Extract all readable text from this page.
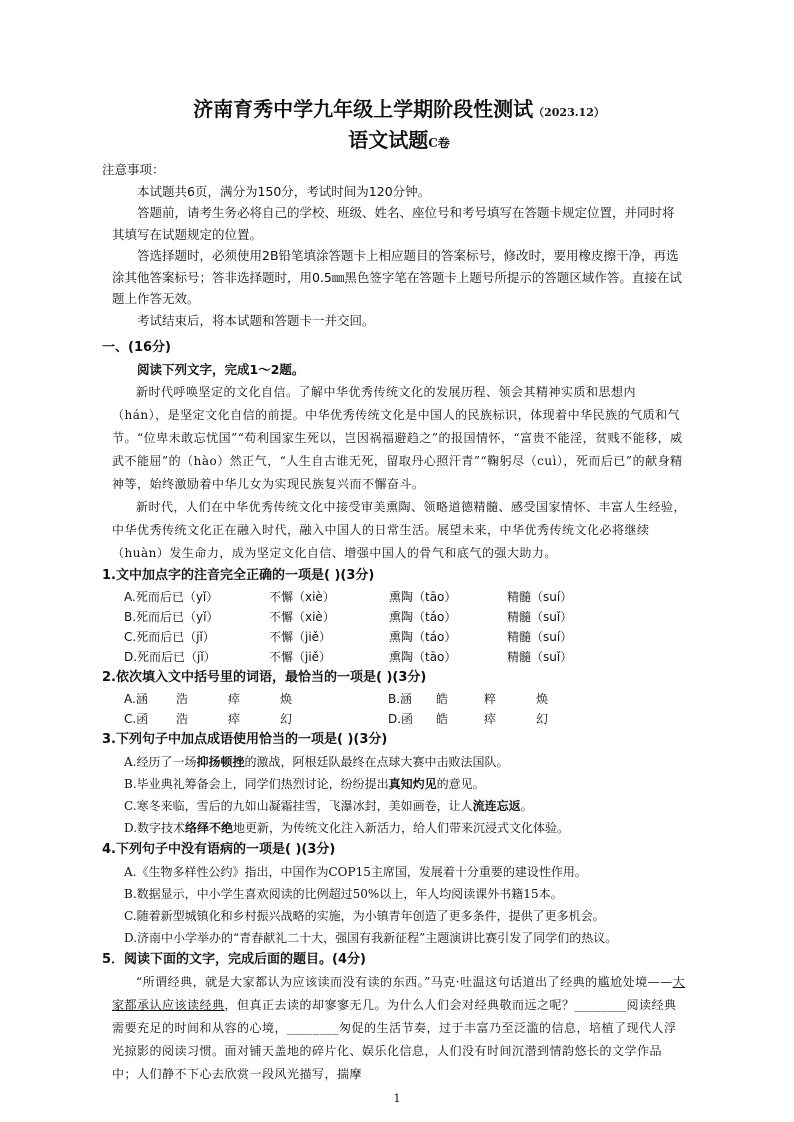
济南育秀中学九年级上学期阶段性测试（2023.12）

语文试题C卷

注意事项：

本试题共6页，满分为150分，考试时间为120分钟。

答题前，请考生务必将自己的学校、班级、姓名、座位号和考号填写在答题卡规定位置，并同时将其填写在试题规定的位置。

答选择题时，必须使用2B铅笔填涂答题卡上相应题目的答案标号，修改时，要用橡皮擦干净，再选涂其他答案标号；答非选择题时，用0.5㎜黑色签字笔在答题卡上题号所提示的答题区域作答。直接在试题上作答无效。

考试结束后，将本试题和答题卡一并交回。

一、(16分)

阅读下列文字，完成1～2题。

新时代呼唤坚定的文化自信。了解中华优秀传统文化的发展历程、领会其精神实质和思想内（hán），是坚定文化自信的前提。中华优秀传统文化是中国人的民族标识，体现着中华民族的气质和气节。“位卑未敢忘忧国”“苟利国家生死以，岂因祸福避趋之”的报国情怀，“富贵不能淫，贫贱不能移，威武不能屈”的（hào）然正气，“人生自古谁无死，留取丹心照汗青”“鞠躬尽（cuì），死而后已”的献身精神等，始终激励着中华儿女为实现民族复兴而不懈奋斗。

新时代，人们在中华优秀传统文化中接受审美熏陶、领略道德精髓、感受国家情怀、丰富人生经验，中华优秀传统文化正在融入时代，融入中国人的日常生活。展望未来，中华优秀传统文化必将继续（huàn）发生命力，成为坚定文化自信、增强中国人的骨气和底气的强大助力。

1.文中加点字的注音完全正确的一项是( )(3分)

A.死而后已（yǐ）	不懈（xiè）	熏陶（tāo）	精髓（suí）
B.死而后已（yǐ）	不懈（xiè）	熏陶（táo）	精髓（suǐ）
C.死而后已（jǐ）	不懈（jiě）	熏陶（táo）	精髓（suí）
D.死而后已（jǐ）	不懈（jiě）	熏陶（tāo）	精髓（suǐ）

2.依次填入文中括号里的词语，最恰当的一项是( )(3分)

A.涵	浩	瘁	焕	B.涵	皓	粹	焕
C.函	浩	瘁	幻	D.函	皓	瘁	幻

3.下列句子中加点成语使用恰当的一项是( )(3分)

A.经历了一场抑扬顿挫的激战，阿根廷队最终在点球大赛中击败法国队。

B.毕业典礼筹备会上，同学们热烈讨论，纷纷提出真知灼见的意见。

C.寒冬来临，雪后的九如山凝霜挂雪，飞瀑冰封，美如画卷，让人流连忘返。

D.数字技术络绎不绝地更新，为传统文化注入新活力，给人们带来沉浸式文化体验。

4.下列句子中没有语病的一项是( )(3分)

A.《生物多样性公约》指出，中国作为COP15主席国，发展着十分重要的建设性作用。

B.数据显示，中小学生喜欢阅读的比例超过50%以上，年人均阅读课外书籍15本。

C.随着新型城镇化和乡村振兴战略的实施，为小镇青年创造了更多条件，提供了更多机会。

D.济南中小学举办的“青春献礼二十大，强国有我新征程”主题演讲比赛引发了同学们的热议。

5．阅读下面的文字，完成后面的题目。(4分)

“所谓经典，就是大家都认为应该读而没有读的东西。”马克·吐温这句话道出了经典的尴尬处境——大家都承认应该读经典，但真正去读的却寥寥无几。为什么人们会对经典敬而远之呢？________阅读经典需要充足的时间和从容的心境，________匆促的生活节奏，过于丰富乃至泛滥的信息，培植了现代人浮光掠影的阅读习惯。面对铺天盖地的碎片化、娱乐化信息，人们没有时间沉潜到情韵悠长的文学作品中；人们静不下心去欣赏一段风光描写，揣摩

1
